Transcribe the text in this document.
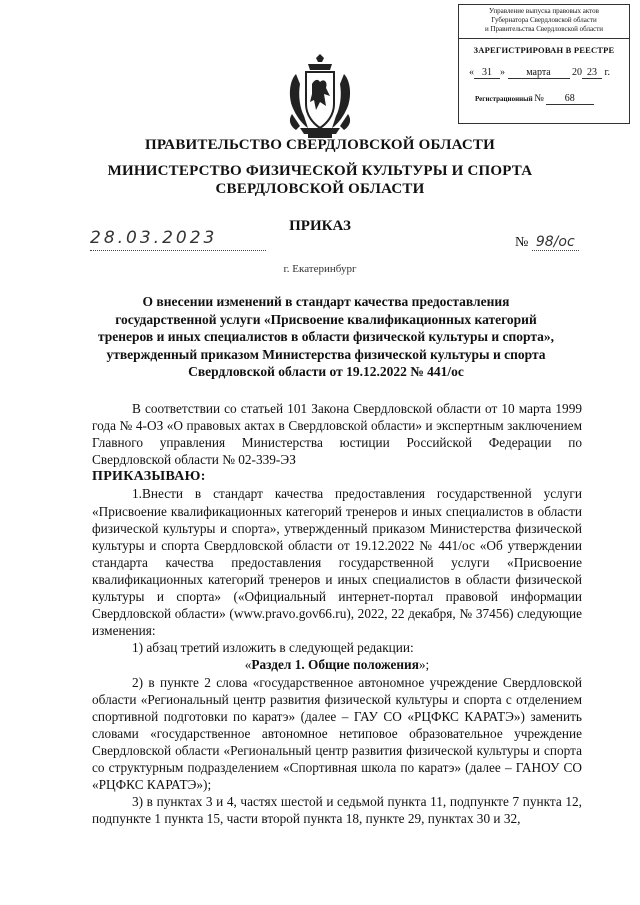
Управление выпуска правовых актов
Губернатора Свердловской области
и Правительства Свердловской области
ЗАРЕГИСТРИРОВАН В РЕЕСТРЕ
« 31 » марта 20 23 г.
Регистрационный № 68
ПРАВИТЕЛЬСТВО СВЕРДЛОВСКОЙ ОБЛАСТИ
МИНИСТЕРСТВО ФИЗИЧЕСКОЙ КУЛЬТУРЫ И СПОРТА
СВЕРДЛОВСКОЙ ОБЛАСТИ
ПРИКАЗ
28.03.2023	№ 98/ос
г. Екатеринбург
О внесении изменений в стандарт качества предоставления государственной услуги «Присвоение квалификационных категорий тренеров и иных специалистов в области физической культуры и спорта», утвержденный приказом Министерства физической культуры и спорта Свердловской области от 19.12.2022 № 441/ос

В соответствии со статьей 101 Закона Свердловской области от 10 марта 1999 года № 4-ОЗ «О правовых актах в Свердловской области» и экспертным заключением Главного управления Министерства юстиции Российской Федерации по Свердловской области № 02-339-ЭЗ

ПРИКАЗЫВАЮ:

1.Внести в стандарт качества предоставления государственной услуги «Присвоение квалификационных категорий тренеров и иных специалистов в области физической культуры и спорта», утвержденный приказом Министерства физической культуры и спорта Свердловской области от 19.12.2022 № 441/ос «Об утверждении стандарта качества предоставления государственной услуги «Присвоение квалификационных категорий тренеров и иных специалистов в области физической культуры и спорта» («Официальный интернет-портал правовой информации Свердловской области» (www.pravo.gov66.ru), 2022, 22 декабря, № 37456) следующие изменения:

1) абзац третий изложить в следующей редакции:

«Раздел 1. Общие положения»;

2) в пункте 2 слова «государственное автономное учреждение Свердловской области «Региональный центр развития физической культуры и спорта с отделением спортивной подготовки по каратэ» (далее – ГАУ СО «РЦФКС КАРАТЭ») заменить словами «государственное автономное нетиповое образовательное учреждение Свердловской области «Региональный центр развития физической культуры и спорта со структурным подразделением «Спортивная школа по каратэ» (далее – ГАНОУ СО «РЦФКС КАРАТЭ»);

3) в пунктах 3 и 4, частях шестой и седьмой пункта 11, подпункте 7 пункта 12, подпункте 1 пункта 15, части второй пункта 18, пункте 29, пунктах 30 и 32,
